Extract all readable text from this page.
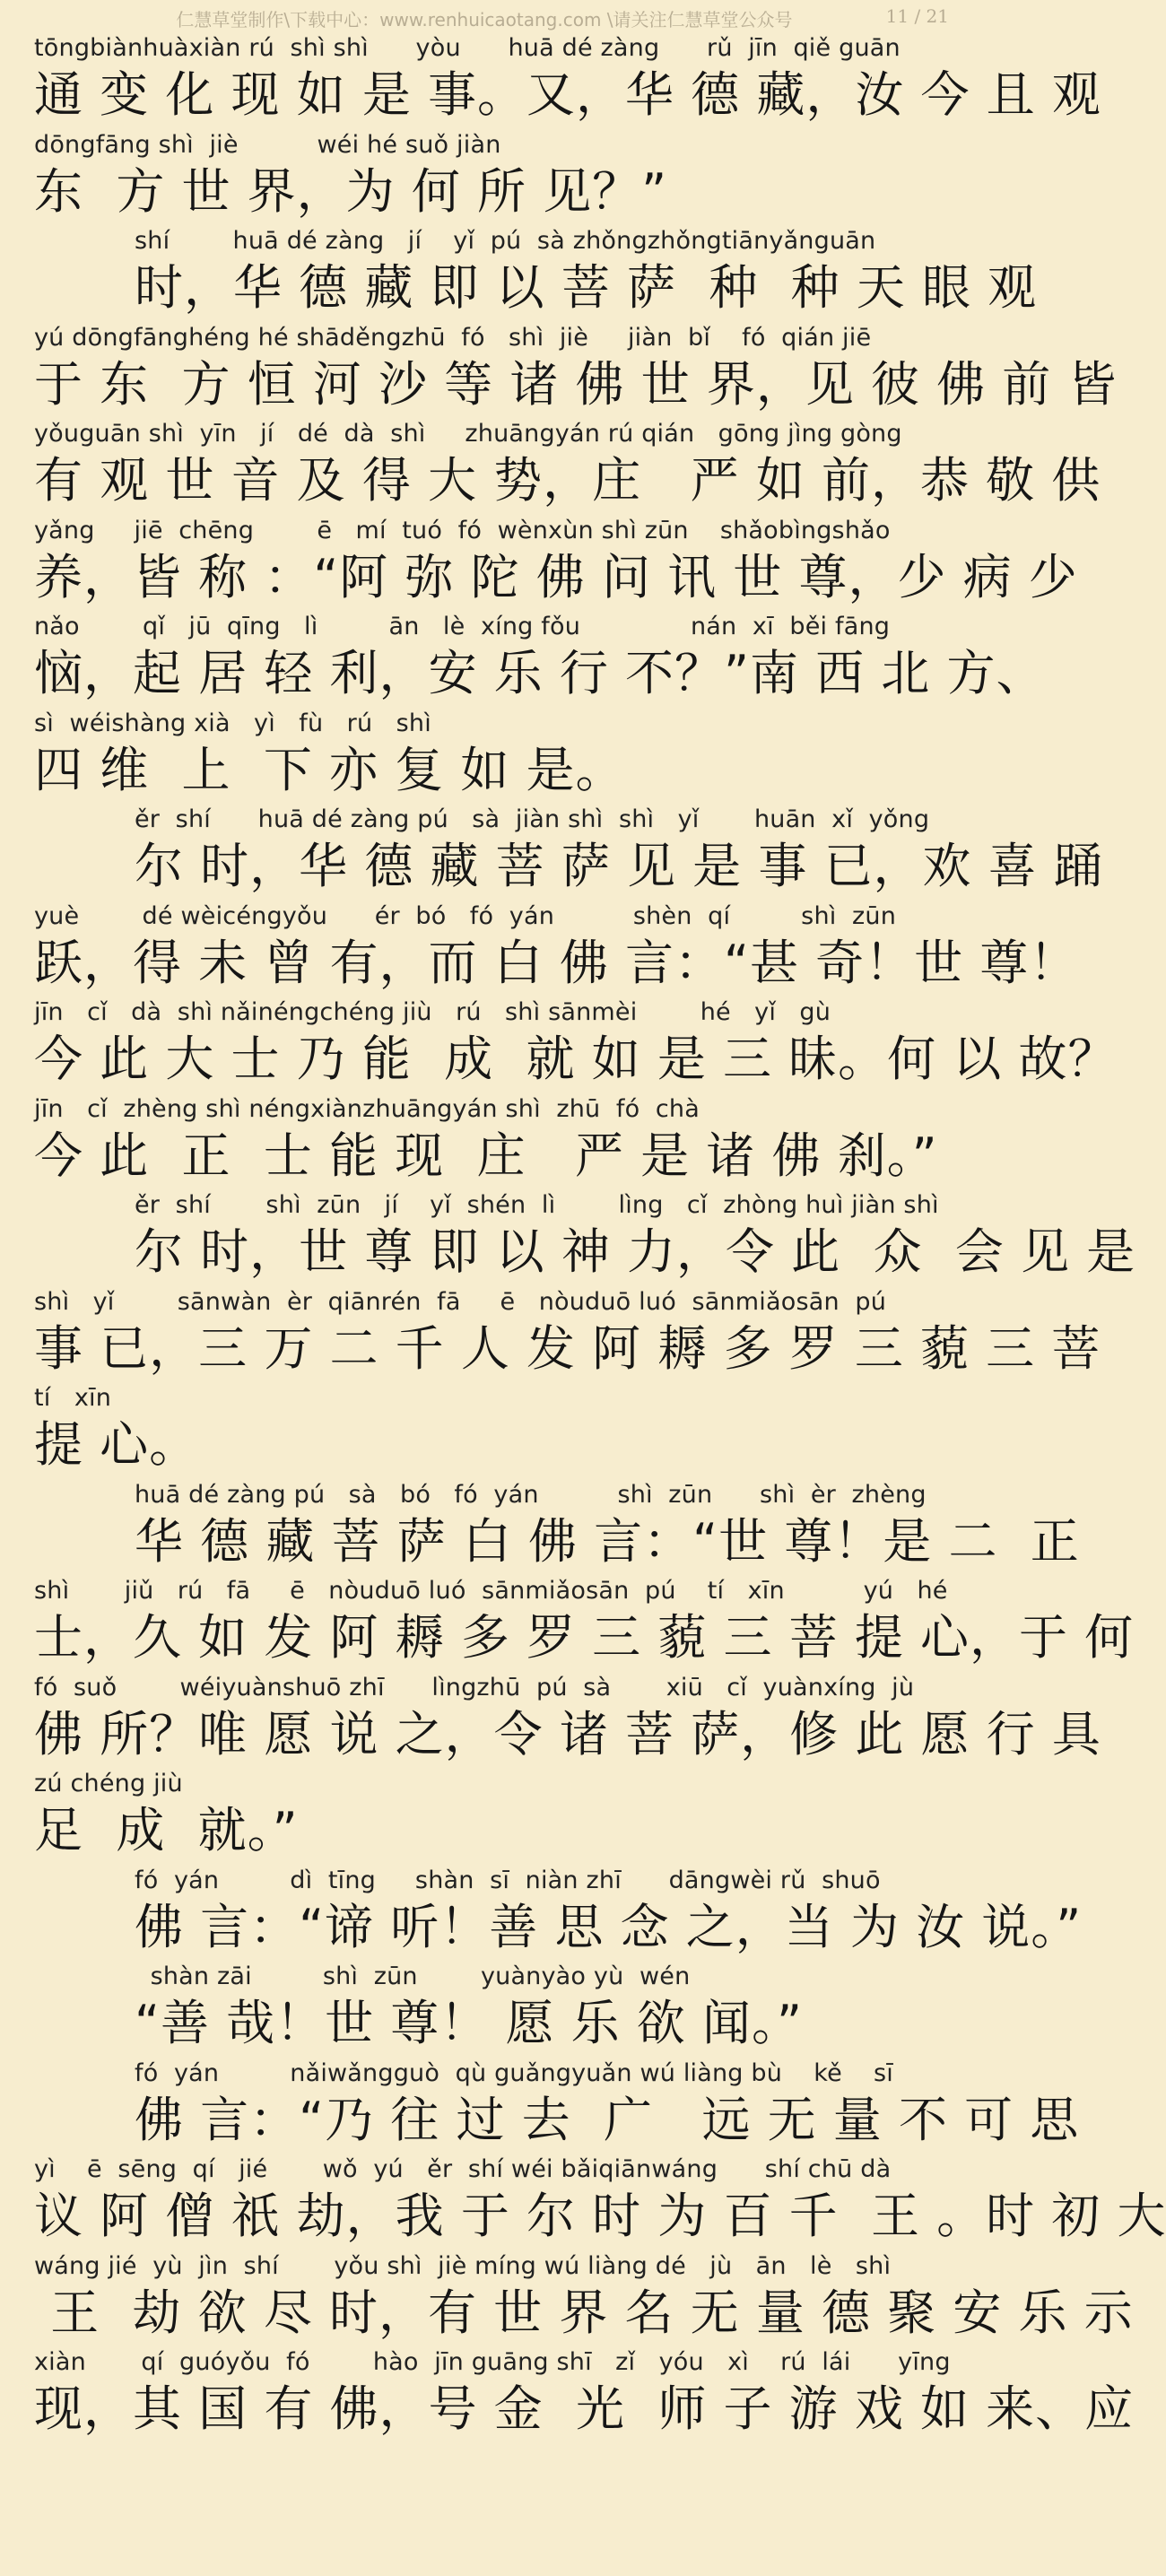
仁慧草堂制作\下载中心：www.renhuicaotang.com \请关注仁慧草堂公众号	11 / 21
tōngbiànhuàxiàn rú  shì shì      yòu      huā dé zàng      rǔ  jīn  qiě guān
通 变 化 现 如 是 事。又，华 德 藏，汝 今 且 观
dōngfāng shì  jiè          wéi hé suǒ jiàn
东  方 世 界，为 何 所 见？”
shí        huā dé zàng   jí    yǐ  pú  sà zhǒngzhǒngtiānyǎnguān
时，华 德 藏 即 以 菩 萨  种  种 天 眼 观
yú dōngfānghéng hé shāděngzhū  fó   shì  jiè     jiàn  bǐ    fó  qián jiē
于 东  方 恒 河 沙 等 诸 佛 世 界，见 彼 佛 前 皆
yǒuguān shì  yīn   jí   dé  dà  shì     zhuāngyán rú qián   gōng jìng gòng
有 观 世 音 及 得 大 势，庄   严 如 前，恭 敬 供
yǎng     jiē  chēng        ē   mí  tuó  fó  wènxùn shì zūn    shǎobìngshǎo
养，皆 称 ：“阿 弥 陀 佛 问 讯 世 尊，少 病 少
nǎo        qǐ   jū  qīng   lì         ān   lè  xíng fǒu              nán  xī  běi fāng
恼，起 居 轻 利，安 乐 行 不？”南 西 北 方、
sì  wéishàng xià   yì   fù   rú   shì
四 维  上  下 亦 复 如 是。
ěr  shí      huā dé zàng pú   sà  jiàn shì  shì   yǐ       huān  xǐ  yǒng
尔 时，华 德 藏 菩 萨 见 是 事 已，欢 喜 踊
yuè        dé wèicéngyǒu      ér  bó   fó  yán          shèn  qí         shì  zūn
跃，得 未 曾 有，而 白 佛 言：“甚 奇！世 尊！
jīn   cǐ   dà  shì nǎinéngchéng jiù   rú   shì sānmèi        hé   yǐ   gù
今 此 大 士 乃 能  成  就 如 是 三 昧。何 以 故？
jīn   cǐ  zhèng shì néngxiànzhuāngyán shì  zhū  fó  chà
今 此  正  士 能 现  庄   严 是 诸 佛 刹。”
ěr  shí       shì  zūn   jí    yǐ  shén  lì        lìng   cǐ  zhòng huì jiàn shì
尔 时，世 尊 即 以 神 力，令 此  众  会 见 是
shì   yǐ        sānwàn  èr  qiānrén  fā     ē   nòuduō luó  sānmiǎosān  pú
事 已，三 万 二 千 人 发 阿 耨 多 罗 三 藐 三 菩
tí   xīn
提 心。
huā dé zàng pú   sà   bó   fó  yán          shì  zūn      shì  èr  zhèng
华 德 藏 菩 萨 白 佛 言：“世 尊！是 二  正
shì       jiǔ   rú   fā     ē   nòuduō luó  sānmiǎosān  pú    tí   xīn          yú   hé
士，久 如 发 阿 耨 多 罗 三 藐 三 菩 提 心，于 何
fó  suǒ        wéiyuànshuō zhī      lìngzhū  pú  sà       xiū   cǐ  yuànxíng  jù
佛 所？唯 愿 说 之，令 诸 菩 萨，修 此 愿 行 具
zú chéng jiù
足  成  就。”
fó  yán         dì  tīng     shàn  sī  niàn zhī      dāngwèi rǔ  shuō
佛 言：“谛 听！善 思 念 之，当 为 汝 说。”
shàn zāi         shì  zūn        yuànyào yù  wén
“善 哉！世 尊！ 愿 乐 欲 闻。”
fó  yán         nǎiwǎngguò  qù guǎngyuǎn wú liàng bù    kě    sī
佛 言：“乃 往 过 去  广   远 无 量 不 可 思
yì    ē  sēng  qí   jié       wǒ  yú   ěr  shí wéi bǎiqiānwáng      shí chū dà
议 阿 僧 祇 劫，我 于 尔 时 为 百 千  王 。时 初 大
wáng jié  yù  jìn  shí       yǒu shì  jiè míng wú liàng dé   jù   ān   lè   shì
王  劫 欲 尽 时，有 世 界 名 无 量 德 聚 安 乐 示
xiàn       qí  guóyǒu  fó        hào  jīn guāng shī   zǐ   yóu   xì    rú  lái      yīng
现，其 国 有 佛，号 金  光  师 子 游 戏 如 来、应
